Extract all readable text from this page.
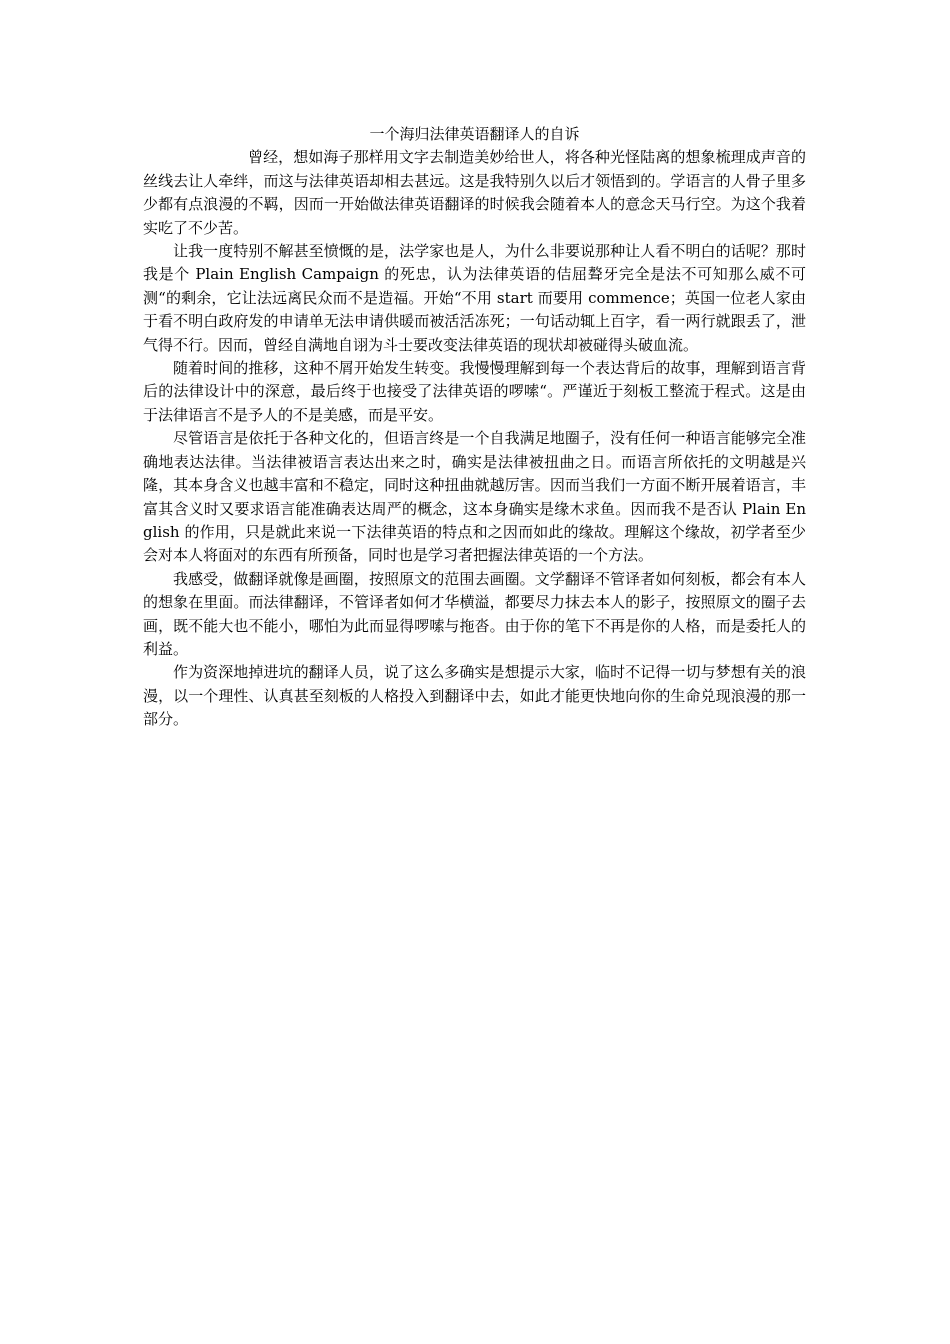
一个海归法律英语翻译人的自诉

曾经，想如海子那样用文字去制造美妙给世人，将各种光怪陆离的想象梳理成声音的丝线去让人牵绊，而这与法律英语却相去甚远。这是我特别久以后才领悟到的。学语言的人骨子里多少都有点浪漫的不羁，因而一开始做法律英语翻译的时候我会随着本人的意念天马行空。为这个我着实吃了不少苦。

让我一度特别不解甚至愤慨的是，法学家也是人，为什么非要说那种让人看不明白的话呢？那时我是个 Plain English Campaign 的死忠，认为法律英语的佶屈聱牙完全是法不可知那么威不可测“的剩余，它让法远离民众而不是造福。开始“不用 start 而要用 commence；英国一位老人家由于看不明白政府发的申请单无法申请供暖而被活活冻死；一句话动辄上百字，看一两行就跟丢了，泄气得不行。因而，曾经自满地自诩为斗士要改变法律英语的现状却被碰得头破血流。

随着时间的推移，这种不屑开始发生转变。我慢慢理解到每一个表达背后的故事，理解到语言背后的法律设计中的深意，最后终于也接受了法律英语的啰嗦“。严谨近于刻板工整流于程式。这是由于法律语言不是予人的不是美感，而是平安。

尽管语言是依托于各种文化的，但语言终是一个自我满足地圈子，没有任何一种语言能够完全准确地表达法律。当法律被语言表达出来之时，确实是法律被扭曲之日。而语言所依托的文明越是兴隆，其本身含义也越丰富和不稳定，同时这种扭曲就越厉害。因而当我们一方面不断开展着语言，丰富其含义时又要求语言能准确表达周严的概念，这本身确实是缘木求鱼。因而我不是否认 Plain English 的作用，只是就此来说一下法律英语的特点和之因而如此的缘故。理解这个缘故，初学者至少会对本人将面对的东西有所预备，同时也是学习者把握法律英语的一个方法。

我感受，做翻译就像是画圈，按照原文的范围去画圈。文学翻译不管译者如何刻板，都会有本人的想象在里面。而法律翻译，不管译者如何才华横溢，都要尽力抹去本人的影子，按照原文的圈子去画，既不能大也不能小，哪怕为此而显得啰嗦与拖沓。由于你的笔下不再是你的人格，而是委托人的利益。

作为资深地掉进坑的翻译人员，说了这么多确实是想提示大家，临时不记得一切与梦想有关的浪漫，以一个理性、认真甚至刻板的人格投入到翻译中去，如此才能更快地向你的生命兑现浪漫的那一部分。
